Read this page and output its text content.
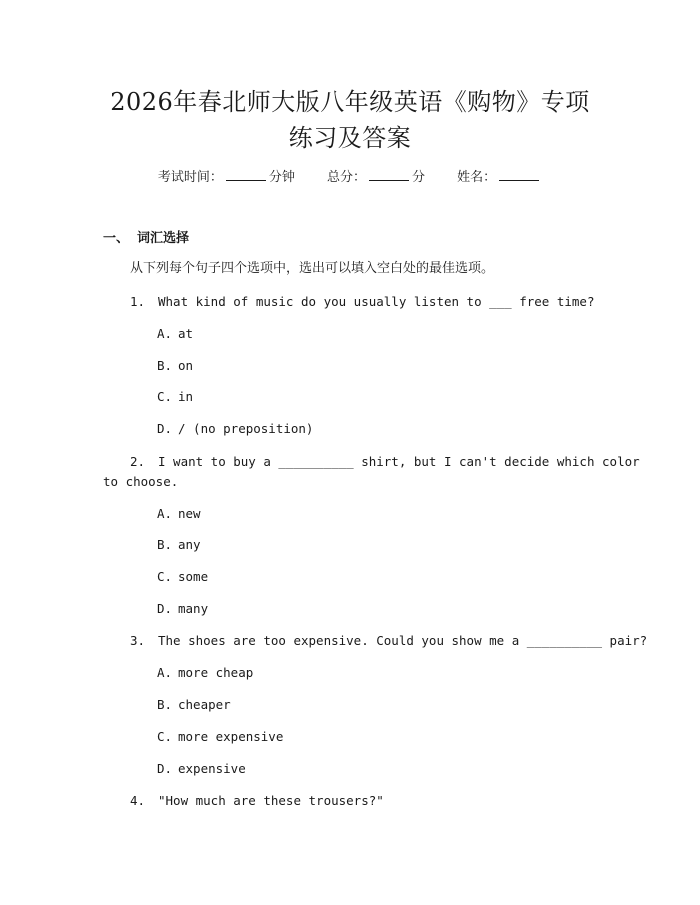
2026年春北师大版八年级英语《购物》专项
练习及答案
考试时间：	分钟 总分：	分 姓名：
一、 词汇选择
从下列每个句子四个选项中，选出可以填入空白处的最佳选项。
1. What kind of music do you usually listen to ___ free time?
A. at
B. on
C. in
D. / (no preposition)
2. I want to buy a __________ shirt, but I can't decide which color
to choose.
A. new
B. any
C. some
D. many
3. The shoes are too expensive. Could you show me a __________ pair?
A. more cheap
B. cheaper
C. more expensive
D. expensive
4. "How much are these trousers?"
